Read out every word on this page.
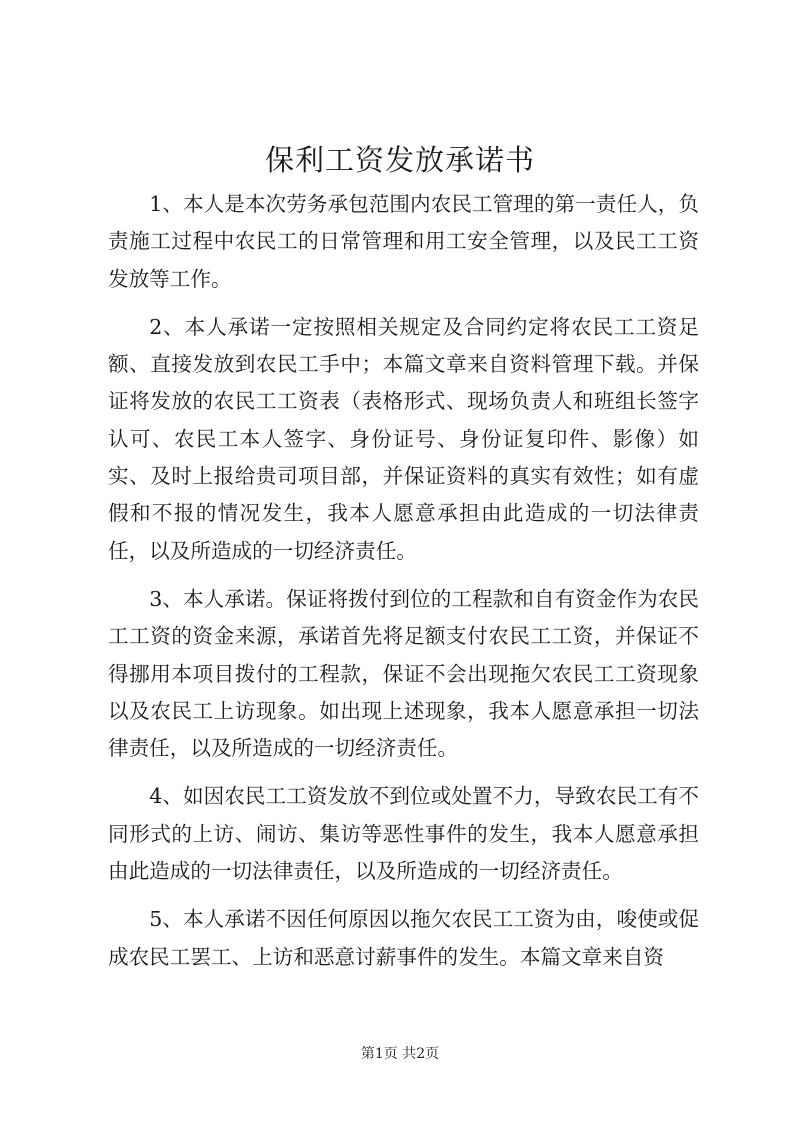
保利工资发放承诺书

1、本人是本次劳务承包范围内农民工管理的第一责任人，负责施工过程中农民工的日常管理和用工安全管理，以及民工工资发放等工作。

2、本人承诺一定按照相关规定及合同约定将农民工工资足额、直接发放到农民工手中；本篇文章来自资料管理下载。并保证将发放的农民工工资表（表格形式、现场负责人和班组长签字认可、农民工本人签字、身份证号、身份证复印件、影像）如实、及时上报给贵司项目部，并保证资料的真实有效性；如有虚假和不报的情况发生，我本人愿意承担由此造成的一切法律责任，以及所造成的一切经济责任。

3、本人承诺。保证将拨付到位的工程款和自有资金作为农民工工资的资金来源，承诺首先将足额支付农民工工资，并保证不得挪用本项目拨付的工程款，保证不会出现拖欠农民工工资现象以及农民工上访现象。如出现上述现象，我本人愿意承担一切法律责任，以及所造成的一切经济责任。

4、如因农民工工资发放不到位或处置不力，导致农民工有不同形式的上访、闹访、集访等恶性事件的发生，我本人愿意承担由此造成的一切法律责任，以及所造成的一切经济责任。

5、本人承诺不因任何原因以拖欠农民工工资为由，唆使或促成农民工罢工、上访和恶意讨薪事件的发生。本篇文章来自资

第1页 共2页
